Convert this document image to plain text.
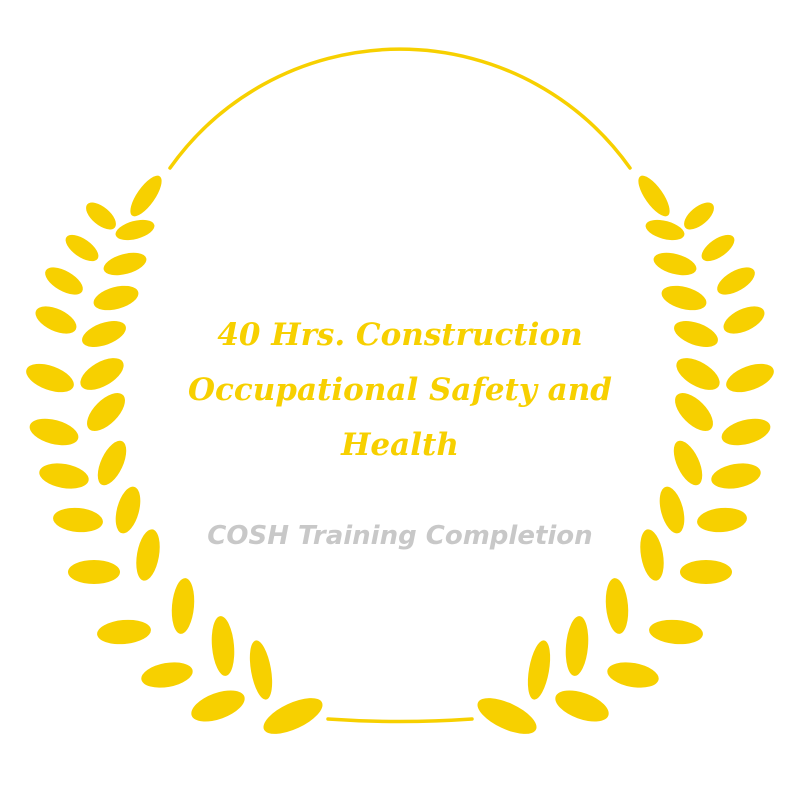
40 Hrs. Construction Occupational Safety and Health

COSH Training Completion
